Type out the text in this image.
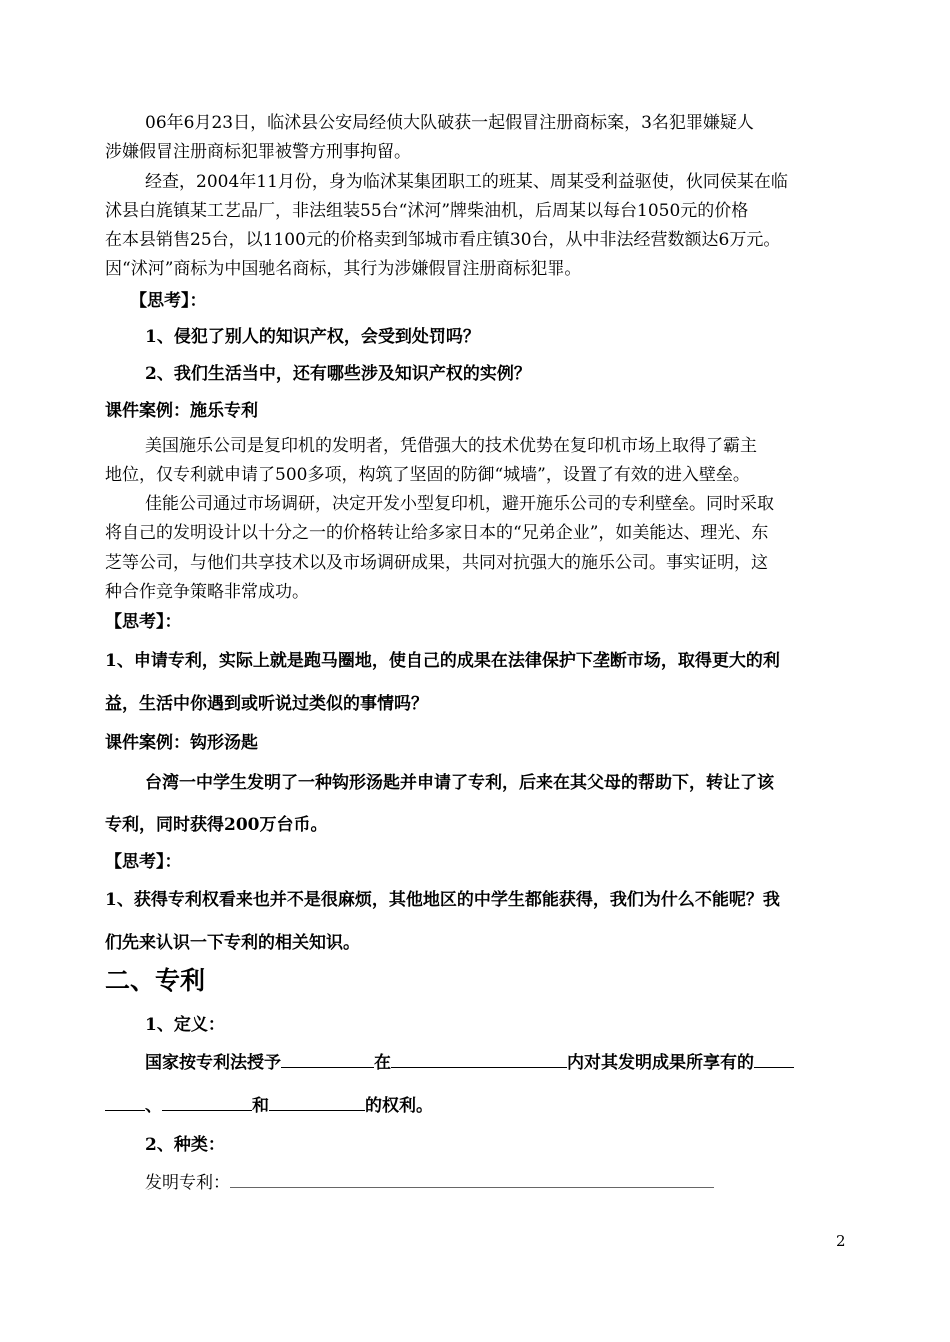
06年6月23日，临沭县公安局经侦大队破获一起假冒注册商标案，3名犯罪嫌疑人
涉嫌假冒注册商标犯罪被警方刑事拘留。
经查，2004年11月份，身为临沭某集团职工的班某、周某受利益驱使，伙同侯某在临
沭县白旄镇某工艺品厂，非法组装55台“沭河”牌柴油机，后周某以每台1050元的价格
在本县销售25台，以1100元的价格卖到邹城市看庄镇30台，从中非法经营数额达6万元。
因“沭河”商标为中国驰名商标，其行为涉嫌假冒注册商标犯罪。
【思考】：
1、侵犯了别人的知识产权，会受到处罚吗？
2、我们生活当中，还有哪些涉及知识产权的实例？
课件案例：施乐专利
美国施乐公司是复印机的发明者，凭借强大的技术优势在复印机市场上取得了霸主
地位，仅专利就申请了500多项，构筑了坚固的防御“城墙”，设置了有效的进入壁垒。
佳能公司通过市场调研，决定开发小型复印机，避开施乐公司的专利壁垒。同时采取
将自己的发明设计以十分之一的价格转让给多家日本的“兄弟企业”，如美能达、理光、东
芝等公司，与他们共享技术以及市场调研成果，共同对抗强大的施乐公司。事实证明，这
种合作竞争策略非常成功。
【思考】：
1、申请专利，实际上就是跑马圈地，使自己的成果在法律保护下垄断市场，取得更大的利
益，生活中你遇到或听说过类似的事情吗？
课件案例：钩形汤匙
台湾一中学生发明了一种钩形汤匙并申请了专利，后来在其父母的帮助下，转让了该
专利，同时获得200万台币。
【思考】：
1、获得专利权看来也并不是很麻烦，其他地区的中学生都能获得，我们为什么不能呢？我
们先来认识一下专利的相关知识。
二、专利
1、定义：
国家按专利法授予	在	内对其发明成果所享有的
、	和	的权利。
2、种类：
发明专利：
2
